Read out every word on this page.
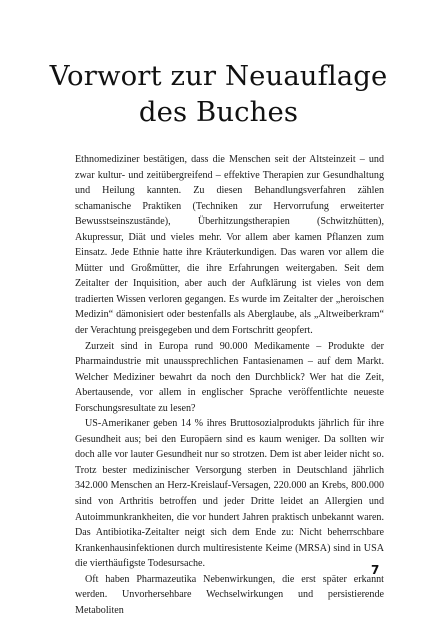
Vorwort zur Neuauflage
des Buches

Ethnomediziner bestätigen, dass die Menschen seit der Altsteinzeit – und zwar kultur- und zeitübergreifend – effektive Therapien zur Gesundhaltung und Heilung kannten. Zu diesen Behandlungsverfahren zählen schamanische Praktiken (Techniken zur Hervorrufung erweiterter Bewusstseinszustände), Überhitzungstherapien (Schwitzhütten), Akupressur, Diät und vieles mehr. Vor allem aber kamen Pflanzen zum Einsatz. Jede Ethnie hatte ihre Kräuterkundigen. Das waren vor allem die Mütter und Großmütter, die ihre Erfahrungen weitergaben. Seit dem Zeitalter der Inquisition, aber auch der Aufklärung ist vieles von dem tradierten Wissen verloren gegangen. Es wurde im Zeitalter der „heroischen Medizin“ dämonisiert oder bestenfalls als Aberglaube, als „Altweiberkram“ der Verachtung preisgegeben und dem Fortschritt geopfert.

Zurzeit sind in Europa rund 90.000 Medikamente – Produkte der Pharmaindustrie mit unaussprechlichen Fantasienamen – auf dem Markt. Welcher Mediziner bewahrt da noch den Durchblick? Wer hat die Zeit, Abertausende, vor allem in englischer Sprache veröffentlichte neueste Forschungsresultate zu lesen?

US-Amerikaner geben 14 % ihres Bruttosozialprodukts jährlich für ihre Gesundheit aus; bei den Europäern sind es kaum weniger. Da sollten wir doch alle vor lauter Gesundheit nur so strotzen. Dem ist aber leider nicht so. Trotz bester medizinischer Versorgung sterben in Deutschland jährlich 342.000 Menschen an Herz-Kreislauf-Versagen, 220.000 an Krebs, 800.000 sind von Arthritis betroffen und jeder Dritte leidet an Allergien und Autoimmunkrankheiten, die vor hundert Jahren praktisch unbekannt waren. Das Antibiotika-Zeitalter neigt sich dem Ende zu: Nicht beherrschbare Krankenhausinfektionen durch multiresistente Keime (MRSA) sind in USA die vierthäufigste Todesursache.

Oft haben Pharmazeutika Nebenwirkungen, die erst später erkannt werden. Unvorhersehbare Wechselwirkungen und persistierende Metaboliten

7
